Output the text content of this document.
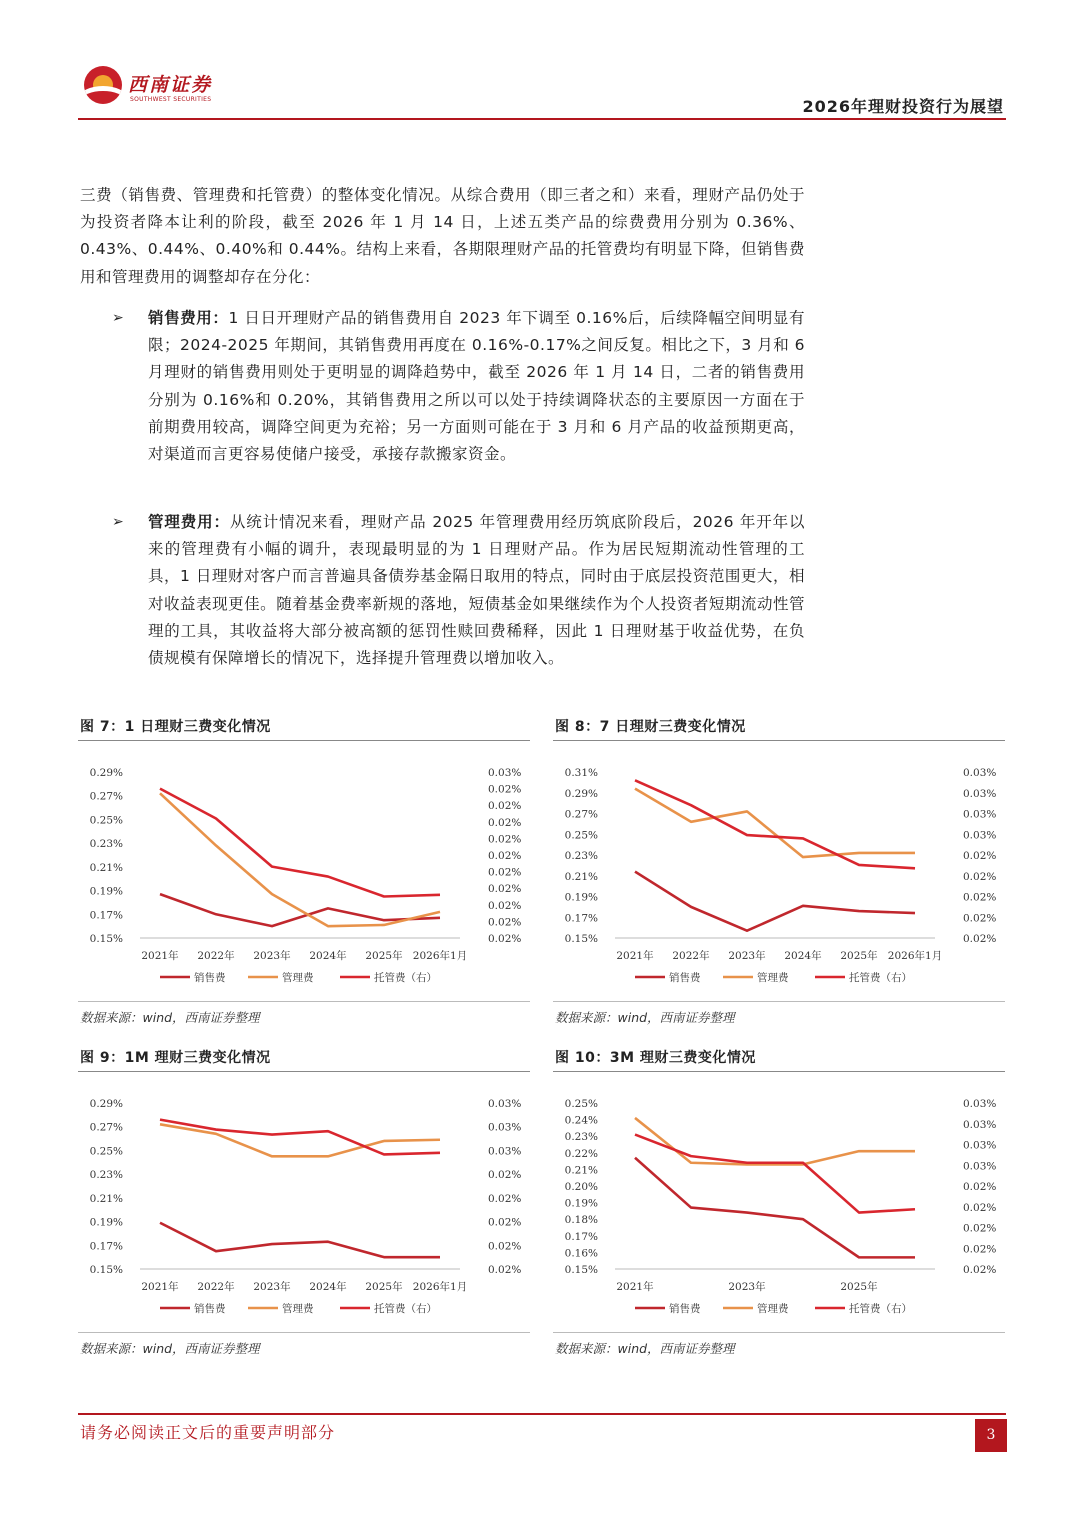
西南证券
SOUTHWEST SECURITIES	2026年理财投资行为展望
三费（销售费、管理费和托管费）的整体变化情况。从综合费用（即三者之和）来看，理财产品仍处于为投资者降本让利的阶段，截至 2026 年 1 月 14 日，上述五类产品的综费费用分别为 0.36%、0.43%、0.44%、0.40%和 0.44%。结构上来看，各期限理财产品的托管费均有明显下降，但销售费用和管理费用的调整却存在分化：
➢ 销售费用：1 日日开理财产品的销售费用自 2023 年下调至 0.16%后，后续降幅空间明显有限；2024-2025 年期间，其销售费用再度在 0.16%-0.17%之间反复。相比之下，3 月和 6 月理财的销售费用则处于更明显的调降趋势中，截至 2026 年 1 月 14 日，二者的销售费用分别为 0.16%和 0.20%，其销售费用之所以可以处于持续调降状态的主要原因一方面在于前期费用较高，调降空间更为充裕；另一方面则可能在于 3 月和 6 月产品的收益预期更高，对渠道而言更容易使储户接受，承接存款搬家资金。
➢ 管理费用：从统计情况来看，理财产品 2025 年管理费用经历筑底阶段后，2026 年开年以来的管理费有小幅的调升，表现最明显的为 1 日理财产品。作为居民短期流动性管理的工具，1 日理财对客户而言普遍具备债券基金隔日取用的特点，同时由于底层投资范围更大，相对收益表现更佳。随着基金费率新规的落地，短债基金如果继续作为个人投资者短期流动性管理的工具，其收益将大部分被高额的惩罚性赎回费稀释，因此 1 日理财基于收益优势，在负债规模有保障增长的情况下，选择提升管理费以增加收入。
图 7：1 日理财三费变化情况
0.29%
0.27%
0.25%
0.23%
0.21%
0.19%
0.17%
0.15%
0.03%
0.02%
0.02%
0.02%
0.02%
0.02%
0.02%
0.02%
0.02%
0.02%
0.02%
2021年 2022年 2023年 2024年 2025年 2026年1月
销售费	管理费	托管费（右）
数据来源：wind，西南证券整理
图 8：7 日理财三费变化情况
0.31%
0.29%
0.27%
0.25%
0.23%
0.21%
0.19%
0.17%
0.15%
0.03%
0.03%
0.03%
0.03%
0.02%
0.02%
0.02%
0.02%
0.02%
2021年 2022年 2023年 2024年 2025年 2026年1月
销售费	管理费	托管费（右）
数据来源：wind，西南证券整理
图 9：1M 理财三费变化情况
0.29%
0.27%
0.25%
0.23%
0.21%
0.19%
0.17%
0.15%
0.03%
0.03%
0.03%
0.02%
0.02%
0.02%
0.02%
0.02%
2021年 2022年 2023年 2024年 2025年 2026年1月
销售费	管理费	托管费（右）
数据来源：wind，西南证券整理
图 10：3M 理财三费变化情况
0.25%
0.24%
0.23%
0.22%
0.21%
0.20%
0.19%
0.18%
0.17%
0.16%
0.15%
0.03%
0.03%
0.03%
0.03%
0.02%
0.02%
0.02%
0.02%
0.02%
2021年	2023年	2025年
销售费	管理费	托管费（右）
数据来源：wind，西南证券整理
请务必阅读正文后的重要声明部分	3
